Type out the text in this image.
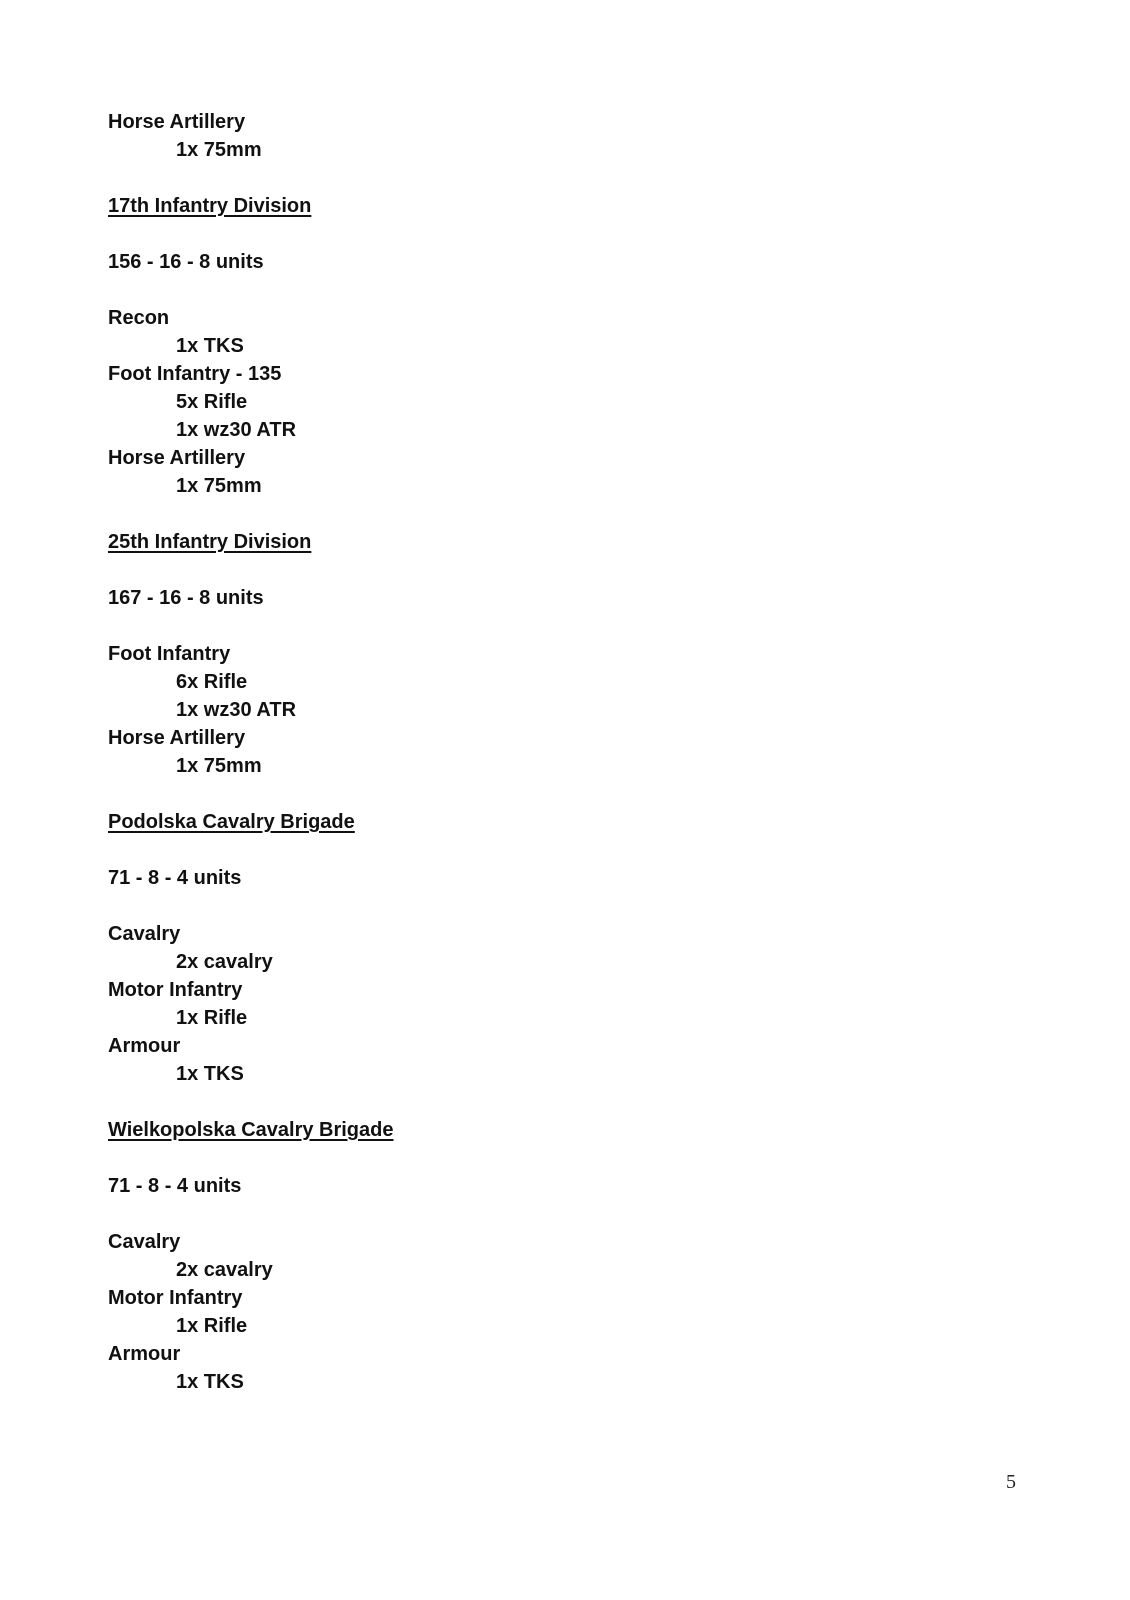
Horse Artillery
1x 75mm
17th Infantry Division
156 - 16 - 8 units
Recon
1x TKS
Foot Infantry - 135
5x Rifle
1x wz30 ATR
Horse Artillery
1x 75mm
25th Infantry Division
167 - 16 - 8 units
Foot Infantry
6x Rifle
1x wz30 ATR
Horse Artillery
1x 75mm
Podolska Cavalry Brigade
71 - 8 - 4 units
Cavalry
2x cavalry
Motor Infantry
1x Rifle
Armour
1x TKS
Wielkopolska Cavalry Brigade
71 - 8 - 4 units
Cavalry
2x cavalry
Motor Infantry
1x Rifle
Armour
1x TKS
5
